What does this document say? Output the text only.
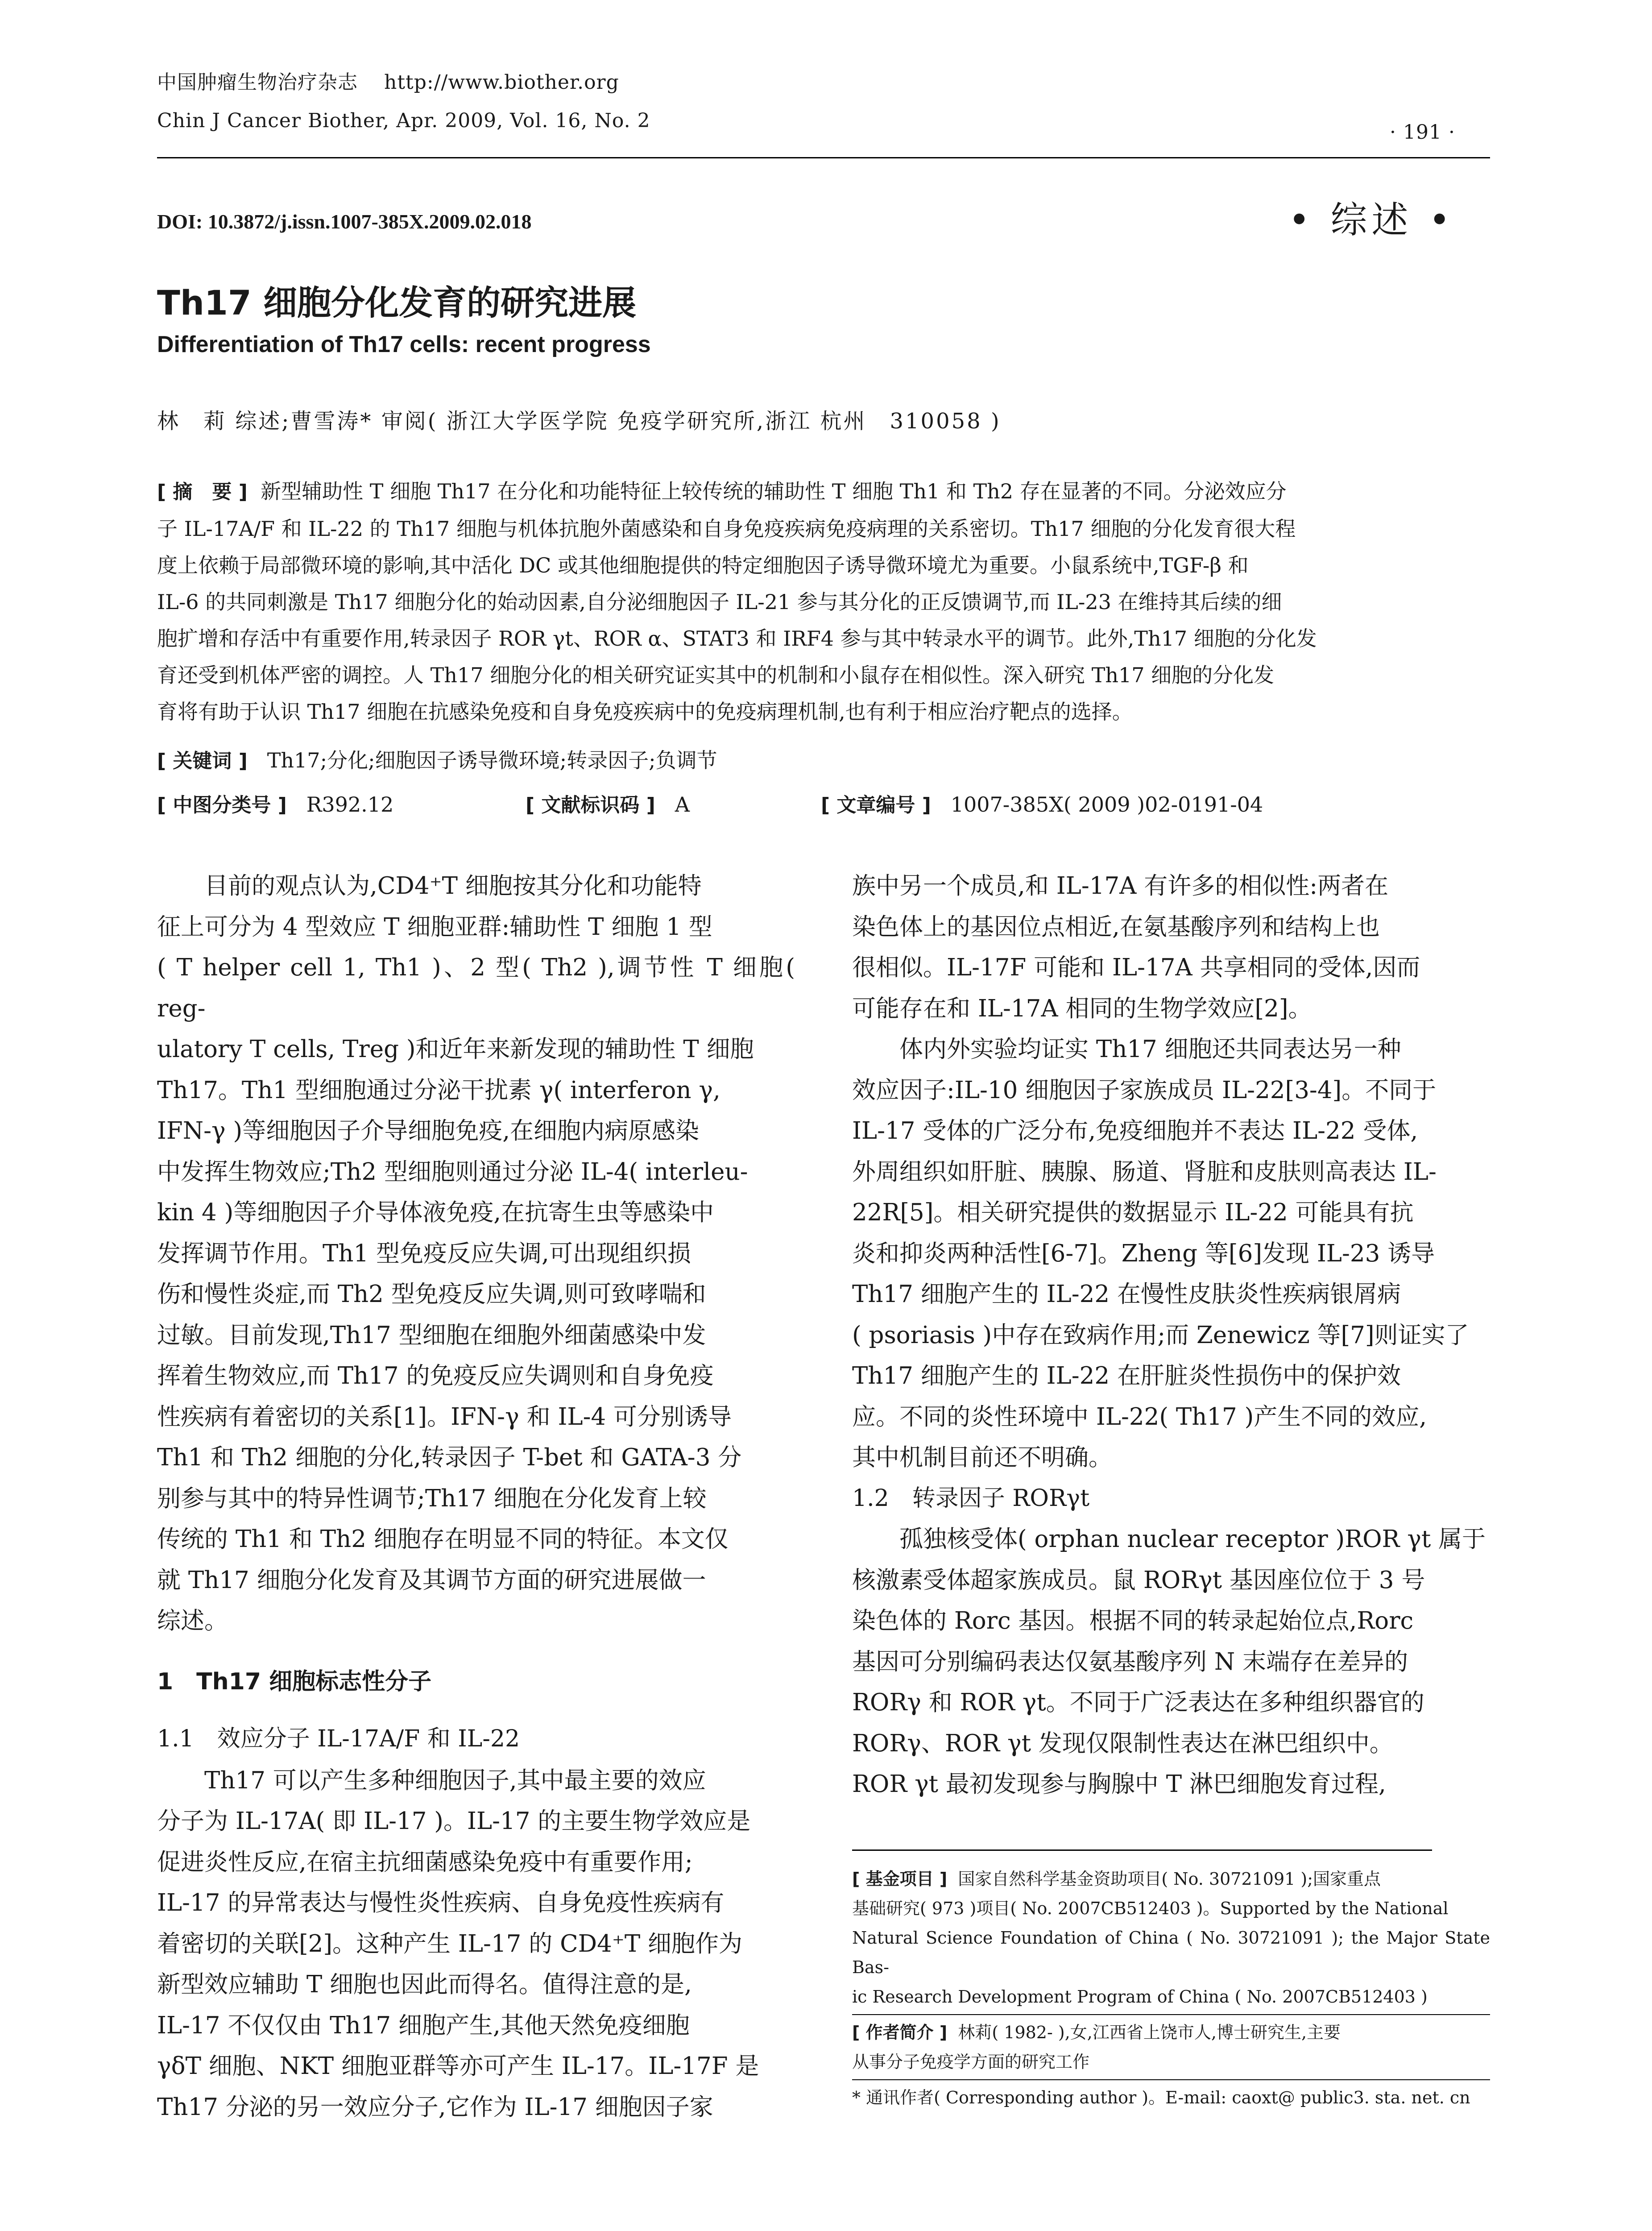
中国肿瘤生物治疗杂志 http://www.biother.org
Chin J Cancer Biother, Apr. 2009, Vol. 16, No. 2
· 191 ·
DOI: 10.3872/j.issn.1007-385X.2009.02.018	• 综述 •
Th17 细胞分化发育的研究进展
Differentiation of Th17 cells: recent progress
林　莉 综述;曹雪涛* 审阅( 浙江大学医学院 免疫学研究所,浙江 杭州　310058 )
[ 摘　要 ] 新型辅助性 T 细胞 Th17 在分化和功能特征上较传统的辅助性 T 细胞 Th1 和 Th2 存在显著的不同。分泌效应分
子 IL-17A/F 和 IL-22 的 Th17 细胞与机体抗胞外菌感染和自身免疫疾病免疫病理的关系密切。Th17 细胞的分化发育很大程
度上依赖于局部微环境的影响,其中活化 DC 或其他细胞提供的特定细胞因子诱导微环境尤为重要。小鼠系统中,TGF-β 和
IL-6 的共同刺激是 Th17 细胞分化的始动因素,自分泌细胞因子 IL-21 参与其分化的正反馈调节,而 IL-23 在维持其后续的细
胞扩增和存活中有重要作用,转录因子 ROR γt、ROR α、STAT3 和 IRF4 参与其中转录水平的调节。此外,Th17 细胞的分化发
育还受到机体严密的调控。人 Th17 细胞分化的相关研究证实其中的机制和小鼠存在相似性。深入研究 Th17 细胞的分化发
育将有助于认识 Th17 细胞在抗感染免疫和自身免疫疾病中的免疫病理机制,也有利于相应治疗靶点的选择。
[ 关键词 ] Th17;分化;细胞因子诱导微环境;转录因子;负调节
[ 中图分类号 ] R392.12	[ 文献标识码 ] A	[ 文章编号 ] 1007-385X( 2009 )02-0191-04
目前的观点认为,CD4⁺T 细胞按其分化和功能特
征上可分为 4 型效应 T 细胞亚群:辅助性 T 细胞 1 型
( T helper cell 1, Th1 )、2 型( Th2 ),调节性 T 细胞( reg-
ulatory T cells, Treg )和近年来新发现的辅助性 T 细胞
Th17。Th1 型细胞通过分泌干扰素 γ( interferon γ,
IFN-γ )等细胞因子介导细胞免疫,在细胞内病原感染
中发挥生物效应;Th2 型细胞则通过分泌 IL-4( interleu-
kin 4 )等细胞因子介导体液免疫,在抗寄生虫等感染中
发挥调节作用。Th1 型免疫反应失调,可出现组织损
伤和慢性炎症,而 Th2 型免疫反应失调,则可致哮喘和
过敏。目前发现,Th17 型细胞在细胞外细菌感染中发
挥着生物效应,而 Th17 的免疫反应失调则和自身免疫
性疾病有着密切的关系[1]。IFN-γ 和 IL-4 可分别诱导
Th1 和 Th2 细胞的分化,转录因子 T-bet 和 GATA-3 分
别参与其中的特异性调节;Th17 细胞在分化发育上较
传统的 Th1 和 Th2 细胞存在明显不同的特征。本文仅
就 Th17 细胞分化发育及其调节方面的研究进展做一
综述。
1　Th17 细胞标志性分子
1.1　效应分子 IL-17A/F 和 IL-22
Th17 可以产生多种细胞因子,其中最主要的效应
分子为 IL-17A( 即 IL-17 )。IL-17 的主要生物学效应是
促进炎性反应,在宿主抗细菌感染免疫中有重要作用;
IL-17 的异常表达与慢性炎性疾病、自身免疫性疾病有
着密切的关联[2]。这种产生 IL-17 的 CD4⁺T 细胞作为
新型效应辅助 T 细胞也因此而得名。值得注意的是,
IL-17 不仅仅由 Th17 细胞产生,其他天然免疫细胞
γδT 细胞、NKT 细胞亚群等亦可产生 IL-17。IL-17F 是
Th17 分泌的另一效应分子,它作为 IL-17 细胞因子家
族中另一个成员,和 IL-17A 有许多的相似性:两者在
染色体上的基因位点相近,在氨基酸序列和结构上也
很相似。IL-17F 可能和 IL-17A 共享相同的受体,因而
可能存在和 IL-17A 相同的生物学效应[2]。
体内外实验均证实 Th17 细胞还共同表达另一种
效应因子:IL-10 细胞因子家族成员 IL-22[3-4]。不同于
IL-17 受体的广泛分布,免疫细胞并不表达 IL-22 受体,
外周组织如肝脏、胰腺、肠道、肾脏和皮肤则高表达 IL-
22R[5]。相关研究提供的数据显示 IL-22 可能具有抗
炎和抑炎两种活性[6-7]。Zheng 等[6]发现 IL-23 诱导
Th17 细胞产生的 IL-22 在慢性皮肤炎性疾病银屑病
( psoriasis )中存在致病作用;而 Zenewicz 等[7]则证实了
Th17 细胞产生的 IL-22 在肝脏炎性损伤中的保护效
应。不同的炎性环境中 IL-22( Th17 )产生不同的效应,
其中机制目前还不明确。
1.2　转录因子 RORγt
孤独核受体( orphan nuclear receptor )ROR γt 属于
核激素受体超家族成员。鼠 RORγt 基因座位位于 3 号
染色体的 Rorc 基因。根据不同的转录起始位点,Rorc
基因可分别编码表达仅氨基酸序列 N 末端存在差异的
RORγ 和 ROR γt。不同于广泛表达在多种组织器官的
RORγ、ROR γt 发现仅限制性表达在淋巴组织中。
ROR γt 最初发现参与胸腺中 T 淋巴细胞发育过程,
[ 基金项目 ] 国家自然科学基金资助项目( No. 30721091 );国家重点
基础研究( 973 )项目( No. 2007CB512403 )。Supported by the National
Natural Science Foundation of China ( No. 30721091 ); the Major State Bas-
ic Research Development Program of China ( No. 2007CB512403 )
[ 作者简介 ] 林莉( 1982- ),女,江西省上饶市人,博士研究生,主要
从事分子免疫学方面的研究工作
* 通讯作者( Corresponding author )。E-mail: caoxt@ public3. sta. net. cn
